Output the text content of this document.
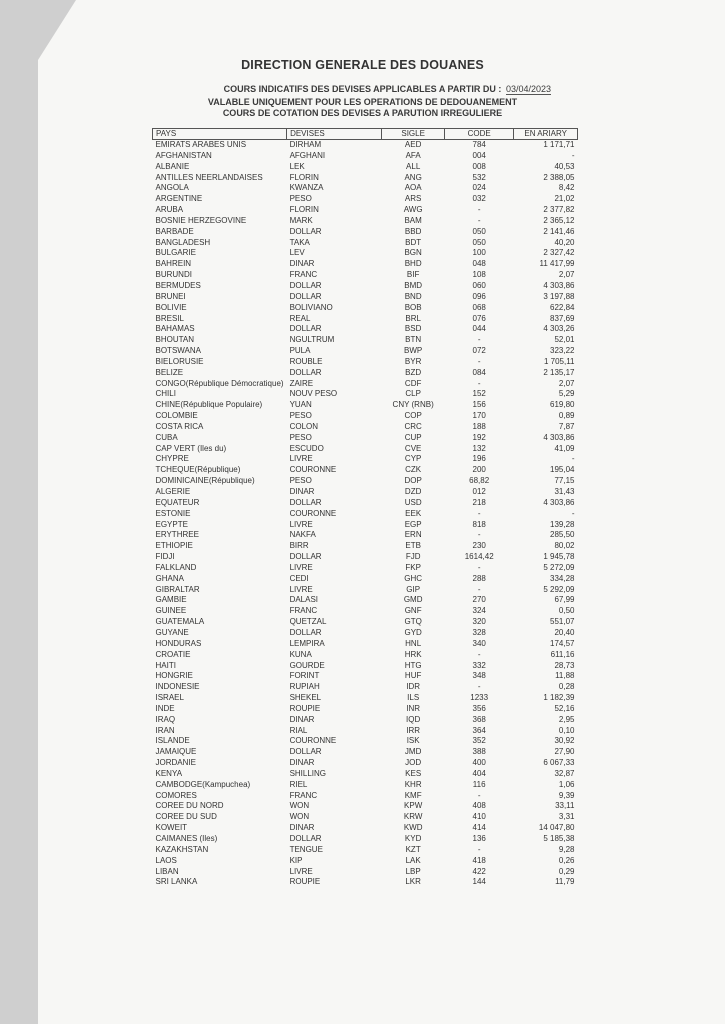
DIRECTION GENERALE DES DOUANES
COURS INDICATIFS DES DEVISES APPLICABLES A PARTIR DU : 03/04/2023
VALABLE UNIQUEMENT POUR LES OPERATIONS DE DEDOUANEMENT
COURS DE COTATION DES DEVISES A PARUTION IRREGULIERE
PAYS	DEVISES	SIGLE	CODE	EN ARIARY
EMIRATS ARABES UNIS	DIRHAM	AED	784	1 171,71
AFGHANISTAN	AFGHANI	AFA	004	-
ALBANIE	LEK	ALL	008	40,53
ANTILLES NEERLANDAISES	FLORIN	ANG	532	2 388,05
ANGOLA	KWANZA	AOA	024	8,42
ARGENTINE	PESO	ARS	032	21,02
ARUBA	FLORIN	AWG	-	2 377,82
BOSNIE HERZEGOVINE	MARK	BAM	-	2 365,12
BARBADE	DOLLAR	BBD	050	2 141,46
BANGLADESH	TAKA	BDT	050	40,20
BULGARIE	LEV	BGN	100	2 327,42
BAHREIN	DINAR	BHD	048	11 417,99
BURUNDI	FRANC	BIF	108	2,07
BERMUDES	DOLLAR	BMD	060	4 303,86
BRUNEI	DOLLAR	BND	096	3 197,88
BOLIVIE	BOLIVIANO	BOB	068	622,84
BRESIL	REAL	BRL	076	837,69
BAHAMAS	DOLLAR	BSD	044	4 303,26
BHOUTAN	NGULTRUM	BTN	-	52,01
BOTSWANA	PULA	BWP	072	323,22
BIELORUSIE	ROUBLE	BYR	-	1 705,11
BELIZE	DOLLAR	BZD	084	2 135,17
CONGO(République Démocratique)	ZAIRE	CDF	-	2,07
CHILI	NOUV PESO	CLP	152	5,29
CHINE(République Populaire)	YUAN	CNY (RNB)	156	619,80
COLOMBIE	PESO	COP	170	0,89
COSTA RICA	COLON	CRC	188	7,87
CUBA	PESO	CUP	192	4 303,86
CAP VERT (Iles du)	ESCUDO	CVE	132	41,09
CHYPRE	LIVRE	CYP	196	-
TCHEQUE(République)	COURONNE	CZK	200	195,04
DOMINICAINE(République)	PESO	DOP	68,82	77,15
ALGERIE	DINAR	DZD	012	31,43
EQUATEUR	DOLLAR	USD	218	4 303,86
ESTONIE	COURONNE	EEK	-	-
EGYPTE	LIVRE	EGP	818	139,28
ERYTHREE	NAKFA	ERN	-	285,50
ETHIOPIE	BIRR	ETB	230	80,02
FIDJI	DOLLAR	FJD	1614,42	1 945,78
FALKLAND	LIVRE	FKP	-	5 272,09
GHANA	CEDI	GHC	288	334,28
GIBRALTAR	LIVRE	GIP	-	5 292,09
GAMBIE	DALASI	GMD	270	67,99
GUINEE	FRANC	GNF	324	0,50
GUATEMALA	QUETZAL	GTQ	320	551,07
GUYANE	DOLLAR	GYD	328	20,40
HONDURAS	LEMPIRA	HNL	340	174,57
CROATIE	KUNA	HRK	-	611,16
HAITI	GOURDE	HTG	332	28,73
HONGRIE	FORINT	HUF	348	11,88
INDONESIE	RUPIAH	IDR	-	0,28
ISRAEL	SHEKEL	ILS	1233	1 182,39
INDE	ROUPIE	INR	356	52,16
IRAQ	DINAR	IQD	368	2,95
IRAN	RIAL	IRR	364	0,10
ISLANDE	COURONNE	ISK	352	30,92
JAMAIQUE	DOLLAR	JMD	388	27,90
JORDANIE	DINAR	JOD	400	6 067,33
KENYA	SHILLING	KES	404	32,87
CAMBODGE(Kampuchea)	RIEL	KHR	116	1,06
COMORES	FRANC	KMF	-	9,39
COREE DU NORD	WON	KPW	408	33,11
COREE DU SUD	WON	KRW	410	3,31
KOWEIT	DINAR	KWD	414	14 047,80
CAIMANES (Iles)	DOLLAR	KYD	136	5 185,38
KAZAKHSTAN	TENGUE	KZT	-	9,28
LAOS	KIP	LAK	418	0,26
LIBAN	LIVRE	LBP	422	0,29
SRI LANKA	ROUPIE	LKR	144	11,79
